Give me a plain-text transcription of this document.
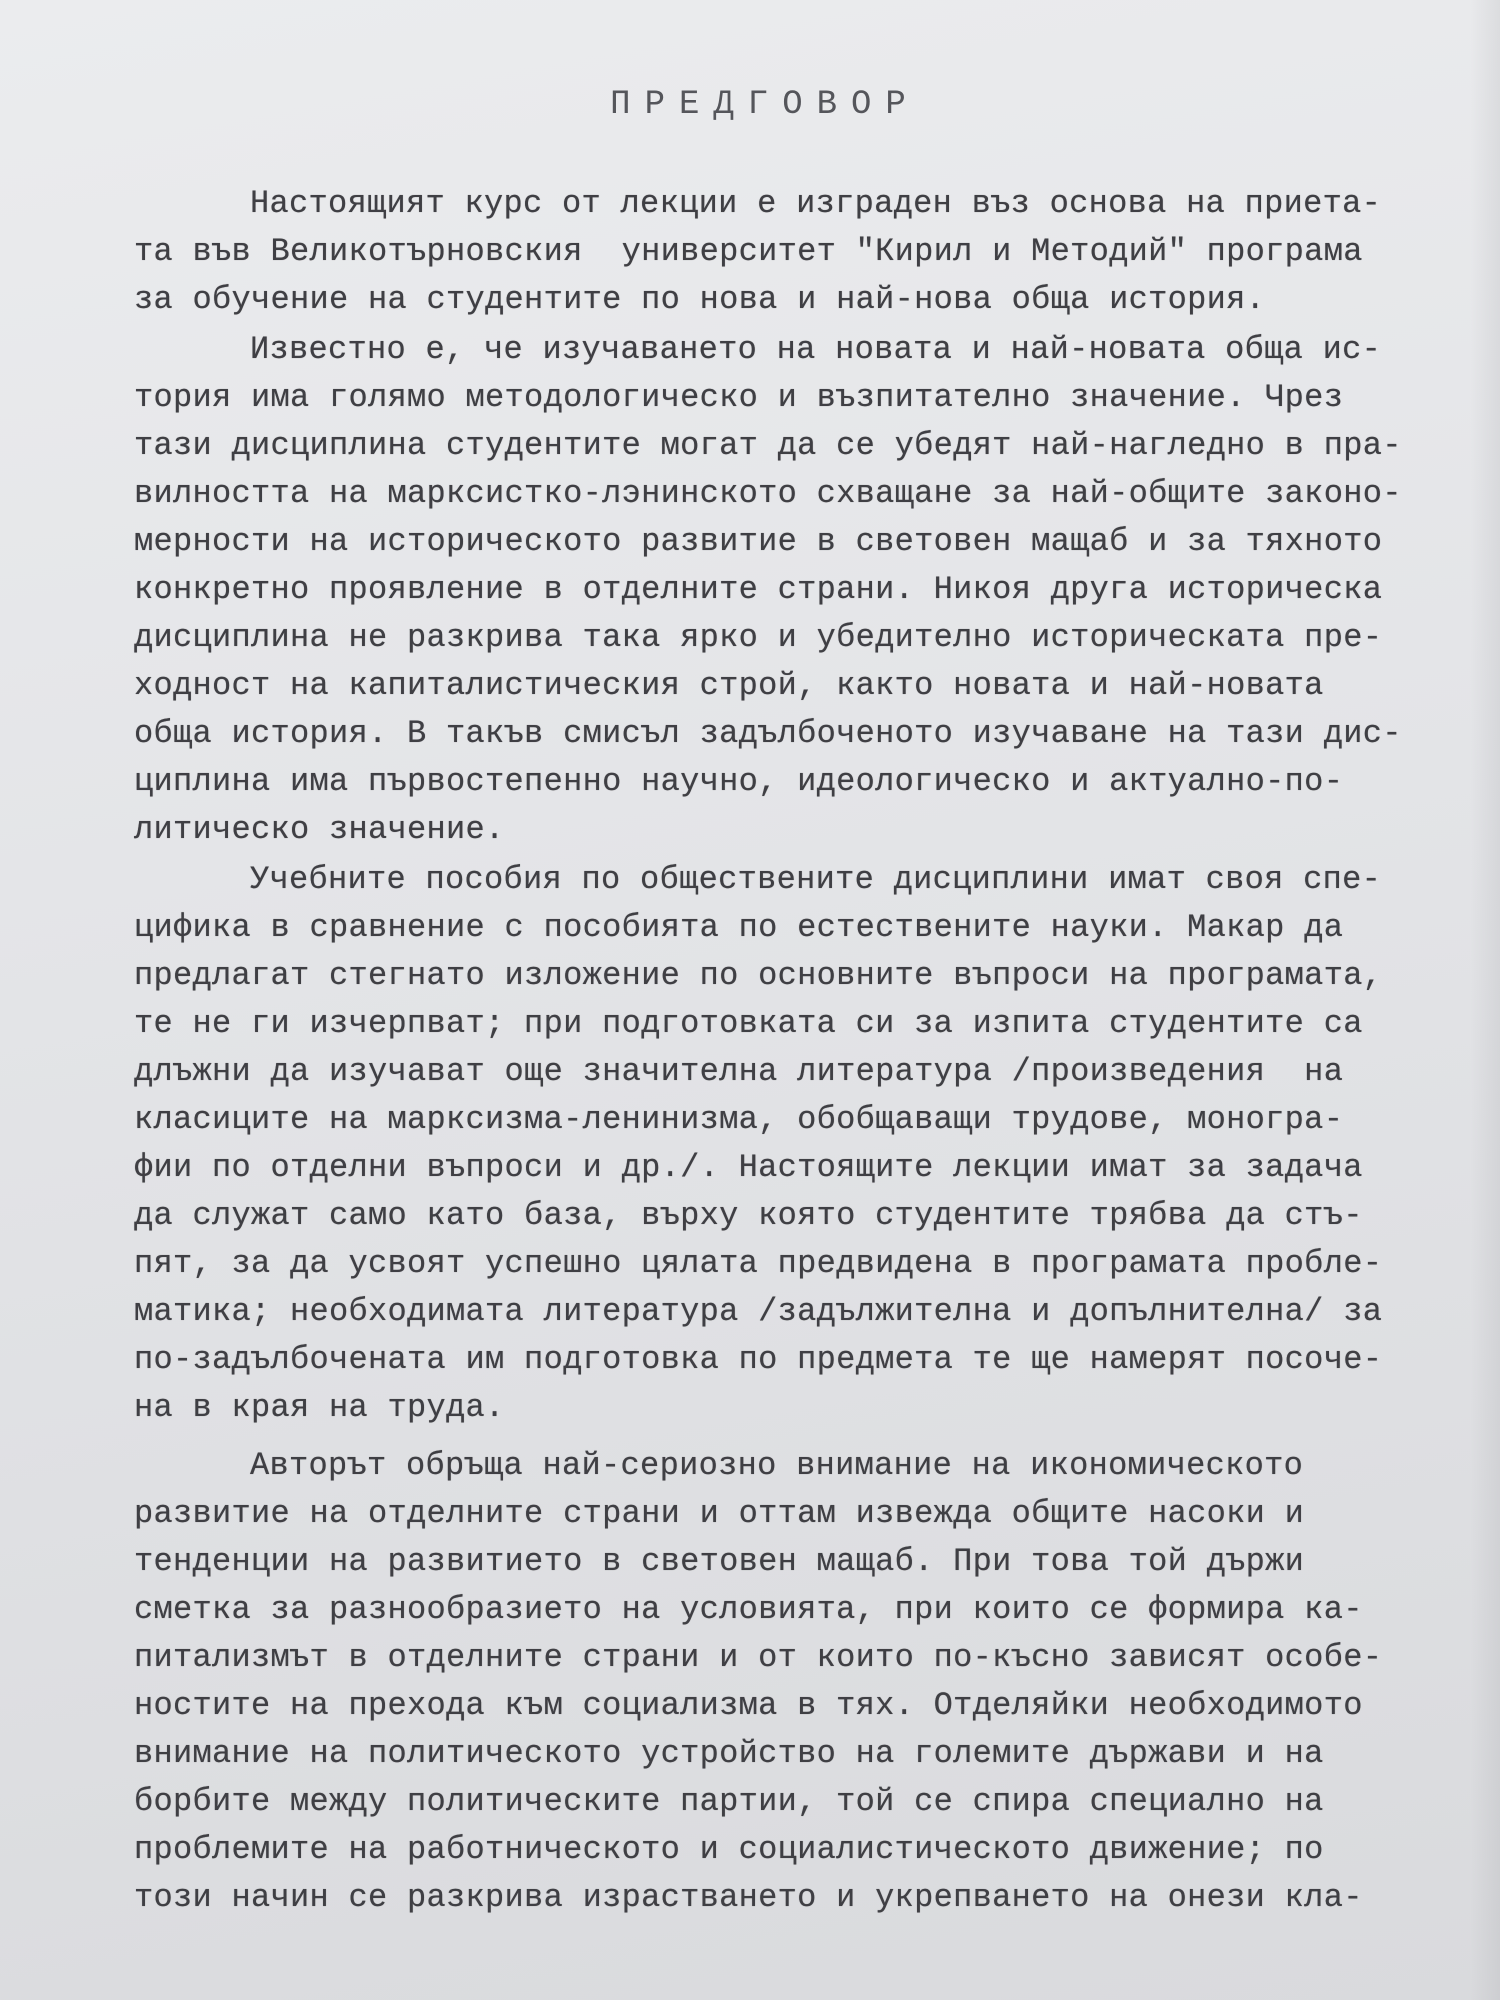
ПРЕДГОВОР
Настоящият курс от лекции е изграден въз основа на приета-
та във Великотърновския  университет "Кирил и Методий" програма
за обучение на студентите по нова и най-нова обща история.
Известно е, че изучаването на новата и най-новата обща ис-
тория има голямо методологическо и възпитателно значение. Чрез
тази дисциплина студентите могат да се убедят най-нагледно в пра-
вилността на марксистко-лэнинското схващане за най-общите законо-
мерности на историческото развитие в световен мащаб и за тяхното
конкретно проявление в отделните страни. Никоя друга историческа
дисциплина не разкрива така ярко и убедително историческата пре-
ходност на капиталистическия строй, както новата и най-новата
обща история. В такъв смисъл задълбоченото изучаване на тази дис-
циплина има първостепенно научно, идеологическо и актуално-по-
литическо значение.
Учебните пособия по обществените дисциплини имат своя спе-
цифика в сравнение с пособията по естествените науки. Макар да
предлагат стегнато изложение по основните въпроси на програмата,
те не ги изчерпват; при подготовката си за изпита студентите са
длъжни да изучават още значителна литература /произведения  на
класиците на марксизма-ленинизма, обобщаващи трудове, моногра-
фии по отделни въпроси и др./. Настоящите лекции имат за задача
да служат само като база, върху която студентите трябва да стъ-
пят, за да усвоят успешно цялата предвидена в програмата пробле-
матика; необходимата литература /задължителна и допълнителна/ за
по-задълбочената им подготовка по предмета те ще намерят посоче-
на в края на труда.
Авторът обръща най-сериозно внимание на икономическото
развитие на отделните страни и оттам извежда общите насоки и
тенденции на развитието в световен мащаб. При това той държи
сметка за разнообразието на условията, при които се формира ка-
питализмът в отделните страни и от които по-късно зависят особе-
ностите на прехода към социализма в тях. Отделяйки необходимото
внимание на политическото устройство на големите държави и на
борбите между политическите партии, той се спира специално на
проблемите на работническото и социалистическото движение; по
този начин се разкрива израстването и укрепването на онези кла-
